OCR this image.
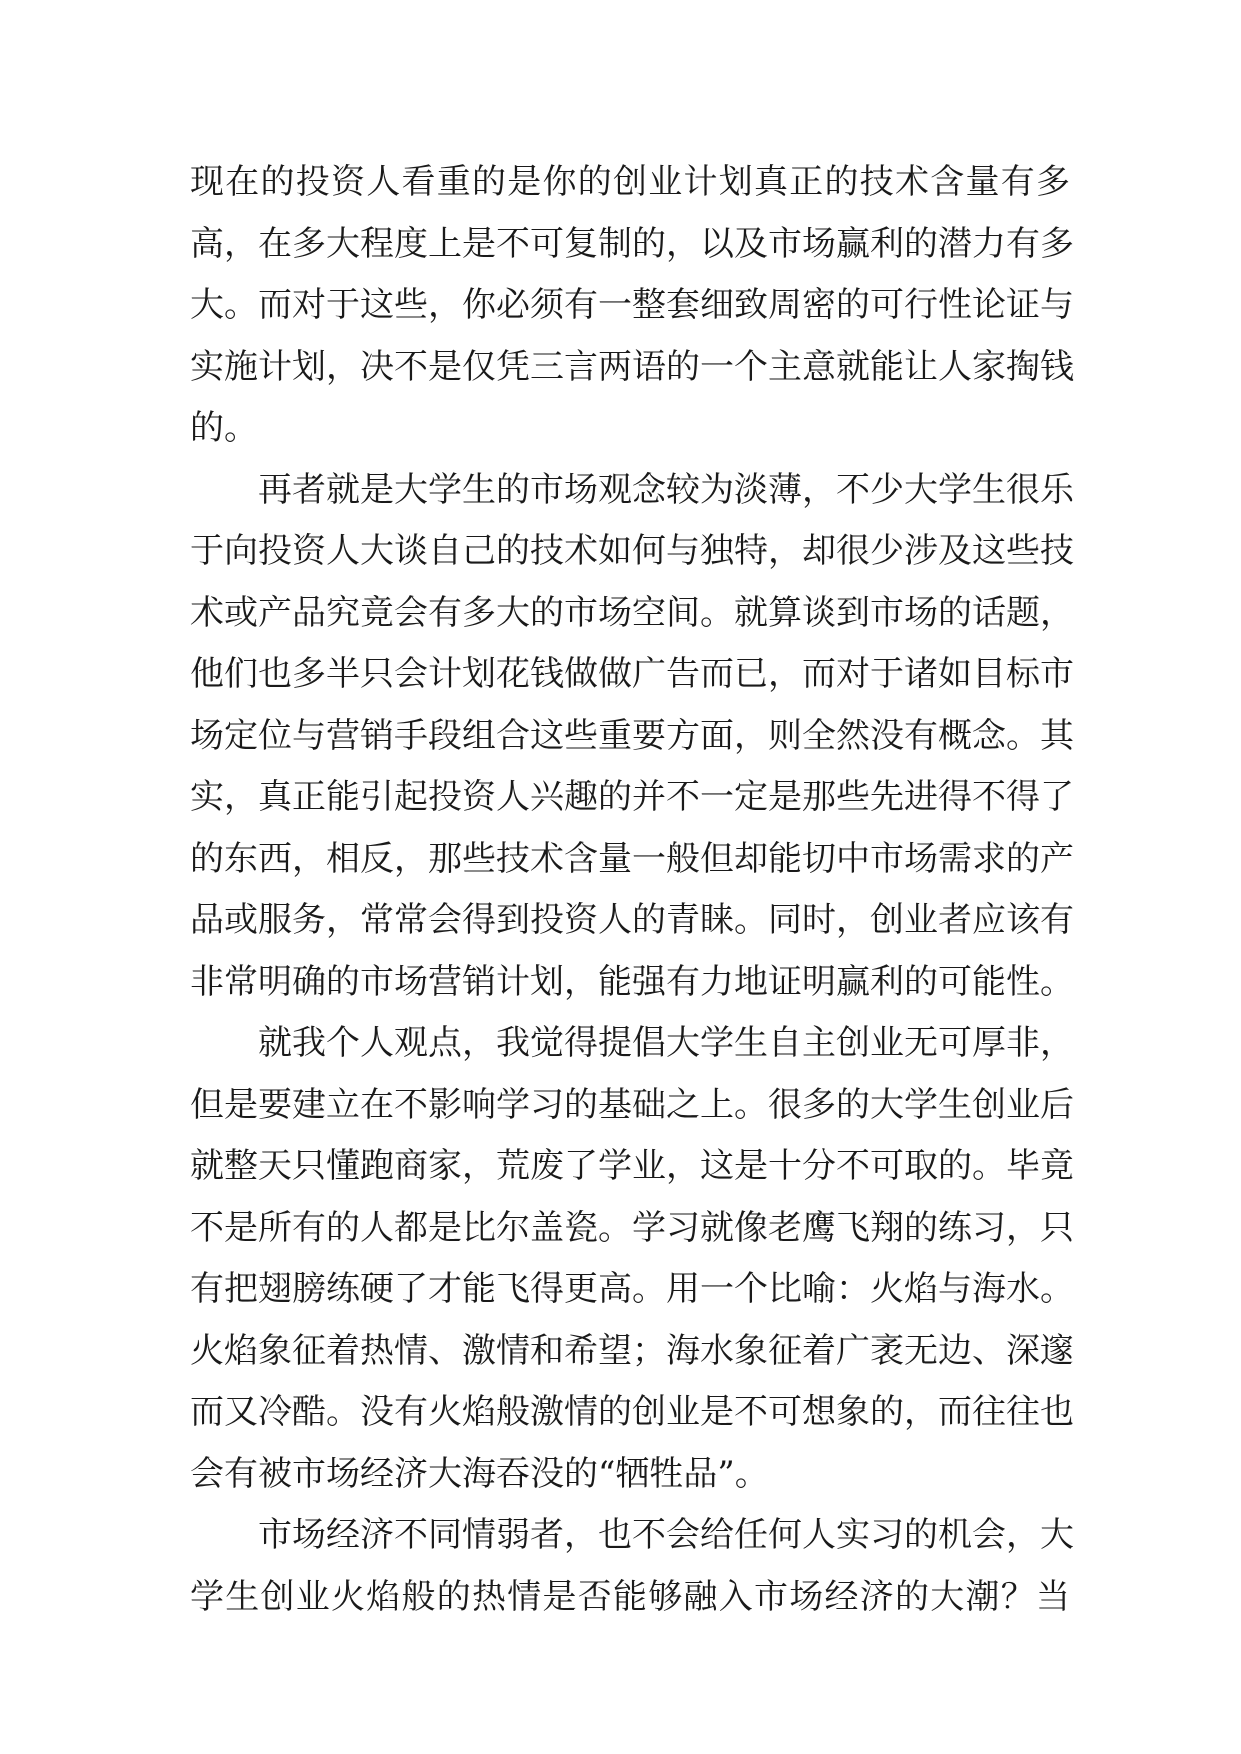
现在的投资人看重的是你的创业计划真正的技术含量有多
高，在多大程度上是不可复制的，以及市场赢利的潜力有多
大。而对于这些，你必须有一整套细致周密的可行性论证与
实施计划，决不是仅凭三言两语的一个主意就能让人家掏钱
的。
再者就是大学生的市场观念较为淡薄，不少大学生很乐
于向投资人大谈自己的技术如何与独特，却很少涉及这些技
术或产品究竟会有多大的市场空间。就算谈到市场的话题，
他们也多半只会计划花钱做做广告而已，而对于诸如目标市
场定位与营销手段组合这些重要方面，则全然没有概念。其
实，真正能引起投资人兴趣的并不一定是那些先进得不得了
的东西，相反，那些技术含量一般但却能切中市场需求的产
品或服务，常常会得到投资人的青睐。同时，创业者应该有
非常明确的市场营销计划，能强有力地证明赢利的可能性。
就我个人观点，我觉得提倡大学生自主创业无可厚非，
但是要建立在不影响学习的基础之上。很多的大学生创业后
就整天只懂跑商家，荒废了学业，这是十分不可取的。毕竟
不是所有的人都是比尔盖瓷。学习就像老鹰飞翔的练习，只
有把翅膀练硬了才能飞得更高。用一个比喻：火焰与海水。
火焰象征着热情、激情和希望；海水象征着广袤无边、深邃
而又冷酷。没有火焰般激情的创业是不可想象的，而往往也
会有被市场经济大海吞没的“牺牲品”。
市场经济不同情弱者，也不会给任何人实习的机会，大
学生创业火焰般的热情是否能够融入市场经济的大潮？当
